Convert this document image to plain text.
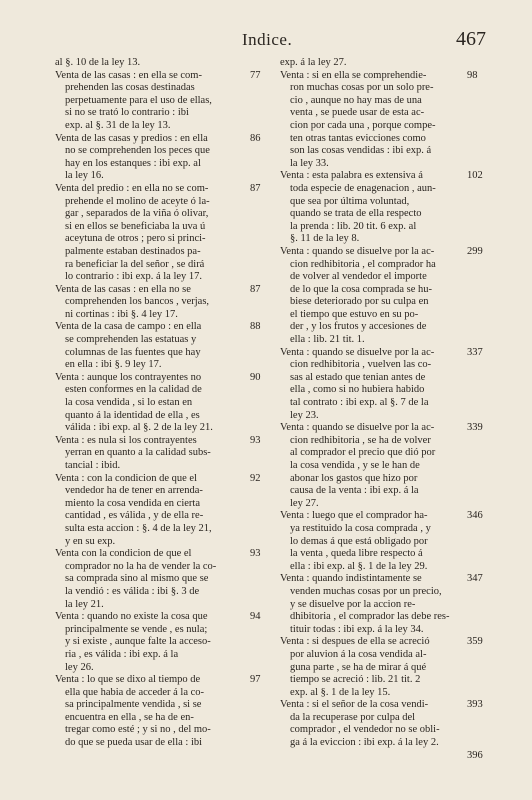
Indice.	467
al §. 10 de la ley 13.
77
Venta de las casas : en ella se com-
prehenden las cosas destinadas
perpetuamente para el uso de ellas,
si no se trató lo contrario : ibi
exp. al §. 31 de la ley 13.
86
Venta de las casas y predios : en ella
no se comprehenden los peces que
hay en los estanques : ibi exp. al
la ley 16.
87
Venta del predio : en ella no se com-
prehende el molino de aceyte ó la-
gar , separados de la viña ó olivar,
si en ellos se beneficiaba la uva ú
aceytuna de otros ; pero si princi-
palmente estaban destinados pa-
ra beneficiar la del señor , se dirá
lo contrario : ibi exp. á la ley 17.
87
Venta de las casas : en ella no se
comprehenden los bancos , verjas,
ni cortinas : ibi §. 4 ley 17.
88
Venta de la casa de campo : en ella
se comprehenden las estatuas y
columnas de las fuentes que hay
en ella : ibi §. 9 ley 17.
90
Venta : aunque los contrayentes no
esten conformes en la calidad de
la cosa vendida , si lo estan en
quanto á la identidad de ella , es
válida : ibi exp. al §. 2 de la ley 21.
93
Venta : es nula si los contrayentes
yerran en quanto a la calidad subs-
tancial : ibid.
92
Venta : con la condicion de que el
vendedor ha de tener en arrenda-
miento la cosa vendida en cierta
cantidad , es válida , y de ella re-
sulta esta accion : §. 4 de la ley 21,
y en su exp.
93
Venta con la condicion de que el
comprador no la ha de vender la co-
sa comprada sino al mismo que se
la vendió : es válida : ibi §. 3 de
la ley 21.
94
Venta : quando no existe la cosa que
principalmente se vende , es nula;
y si existe , aunque falte la acceso-
ria , es válida : ibi exp. á la
ley 26.
97
Venta : lo que se dixo al tiempo de
ella que habia de acceder á la co-
sa principalmente vendida , si se
encuentra en ella , se ha de en-
tregar como esté ; y si no , del mo-
do que se pueda usar de ella : ibi
exp. á la ley 27.
98
Venta : si en ella se comprehendie-
ron muchas cosas por un solo pre-
cio , aunque no hay mas de una
venta , se puede usar de esta ac-
cion por cada una , porque compe-
ten otras tantas evicciones como
son las cosas vendidas : ibi exp. á
la ley 33.
102
Venta : esta palabra es extensiva á
toda especie de enagenacion , aun-
que sea por última voluntad,
quando se trata de ella respecto
la prenda : lib. 20 tit. 6 exp. al
§. 11 de la ley 8.
299
Venta : quando se disuelve por la ac-
cion redhibitoria , el comprador ha
de volver al vendedor el importe
de lo que la cosa comprada se hu-
biese deteriorado por su culpa en
el tiempo que estuvo en su po-
der , y los frutos y accesiones de
ella : lib. 21 tit. 1.
337
Venta : quando se disuelve por la ac-
cion redhibitoria , vuelven las co-
sas al estado que tenian antes de
ella , como si no hubiera habido
tal contrato : ibi exp. al §. 7 de la
ley 23.
339
Venta : quando se disuelve por la ac-
cion redhibitoria , se ha de volver
al comprador el precio que dió por
la cosa vendida , y se le han de
abonar los gastos que hizo por
causa de la venta : ibi exp. á la
ley 27.
346
Venta : luego que el comprador ha-
ya restituido la cosa comprada , y
lo demas á que está obligado por
la venta , queda libre respecto á
ella : ibi exp. al §. 1 de la ley 29.
347
Venta : quando indistintamente se
venden muchas cosas por un precio,
y se disuelve por la accion re-
dhibitoria , el comprador las debe res-
tituir todas : ibi exp. á la ley 34.
359
Venta : si despues de ella se acreció
por aluvion á la cosa vendida al-
guna parte , se ha de mirar á qué
tiempo se acreció : lib. 21 tit. 2
exp. al §. 1 de la ley 15.
393
Venta : si el señor de la cosa vendi-
da la recuperase por culpa del
comprador , el vendedor no se obli-
ga á la eviccion : ibi exp. á la ley 2.
396
